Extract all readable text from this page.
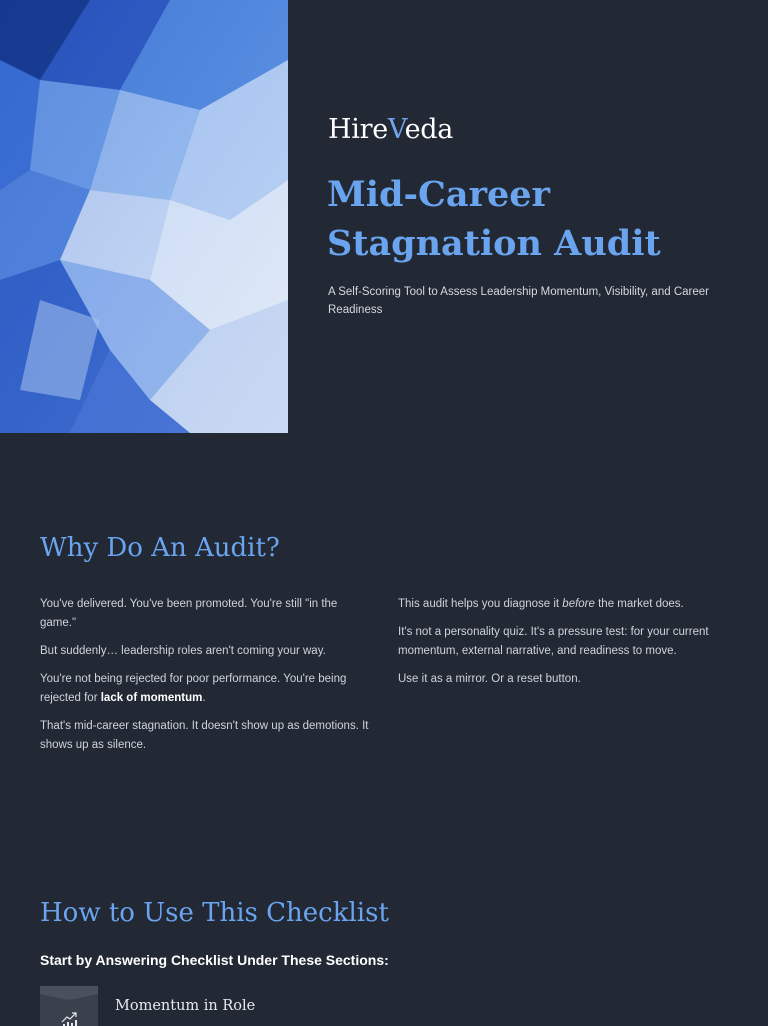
HireVeda
Mid-Career Stagnation Audit

A Self-Scoring Tool to Assess Leadership Momentum, Visibility, and Career Readiness

Why Do An Audit?

You've delivered. You've been promoted. You're still "in the game."

But suddenly… leadership roles aren't coming your way.

You're not being rejected for poor performance. You're being rejected for lack of momentum.

That's mid-career stagnation. It doesn't show up as demotions. It shows up as silence.

This audit helps you diagnose it before the market does.

It's not a personality quiz. It's a pressure test: for your current momentum, external narrative, and readiness to move.

Use it as a mirror. Or a reset button.

How to Use This Checklist

Start by Answering Checklist Under These Sections:

Momentum in Role
